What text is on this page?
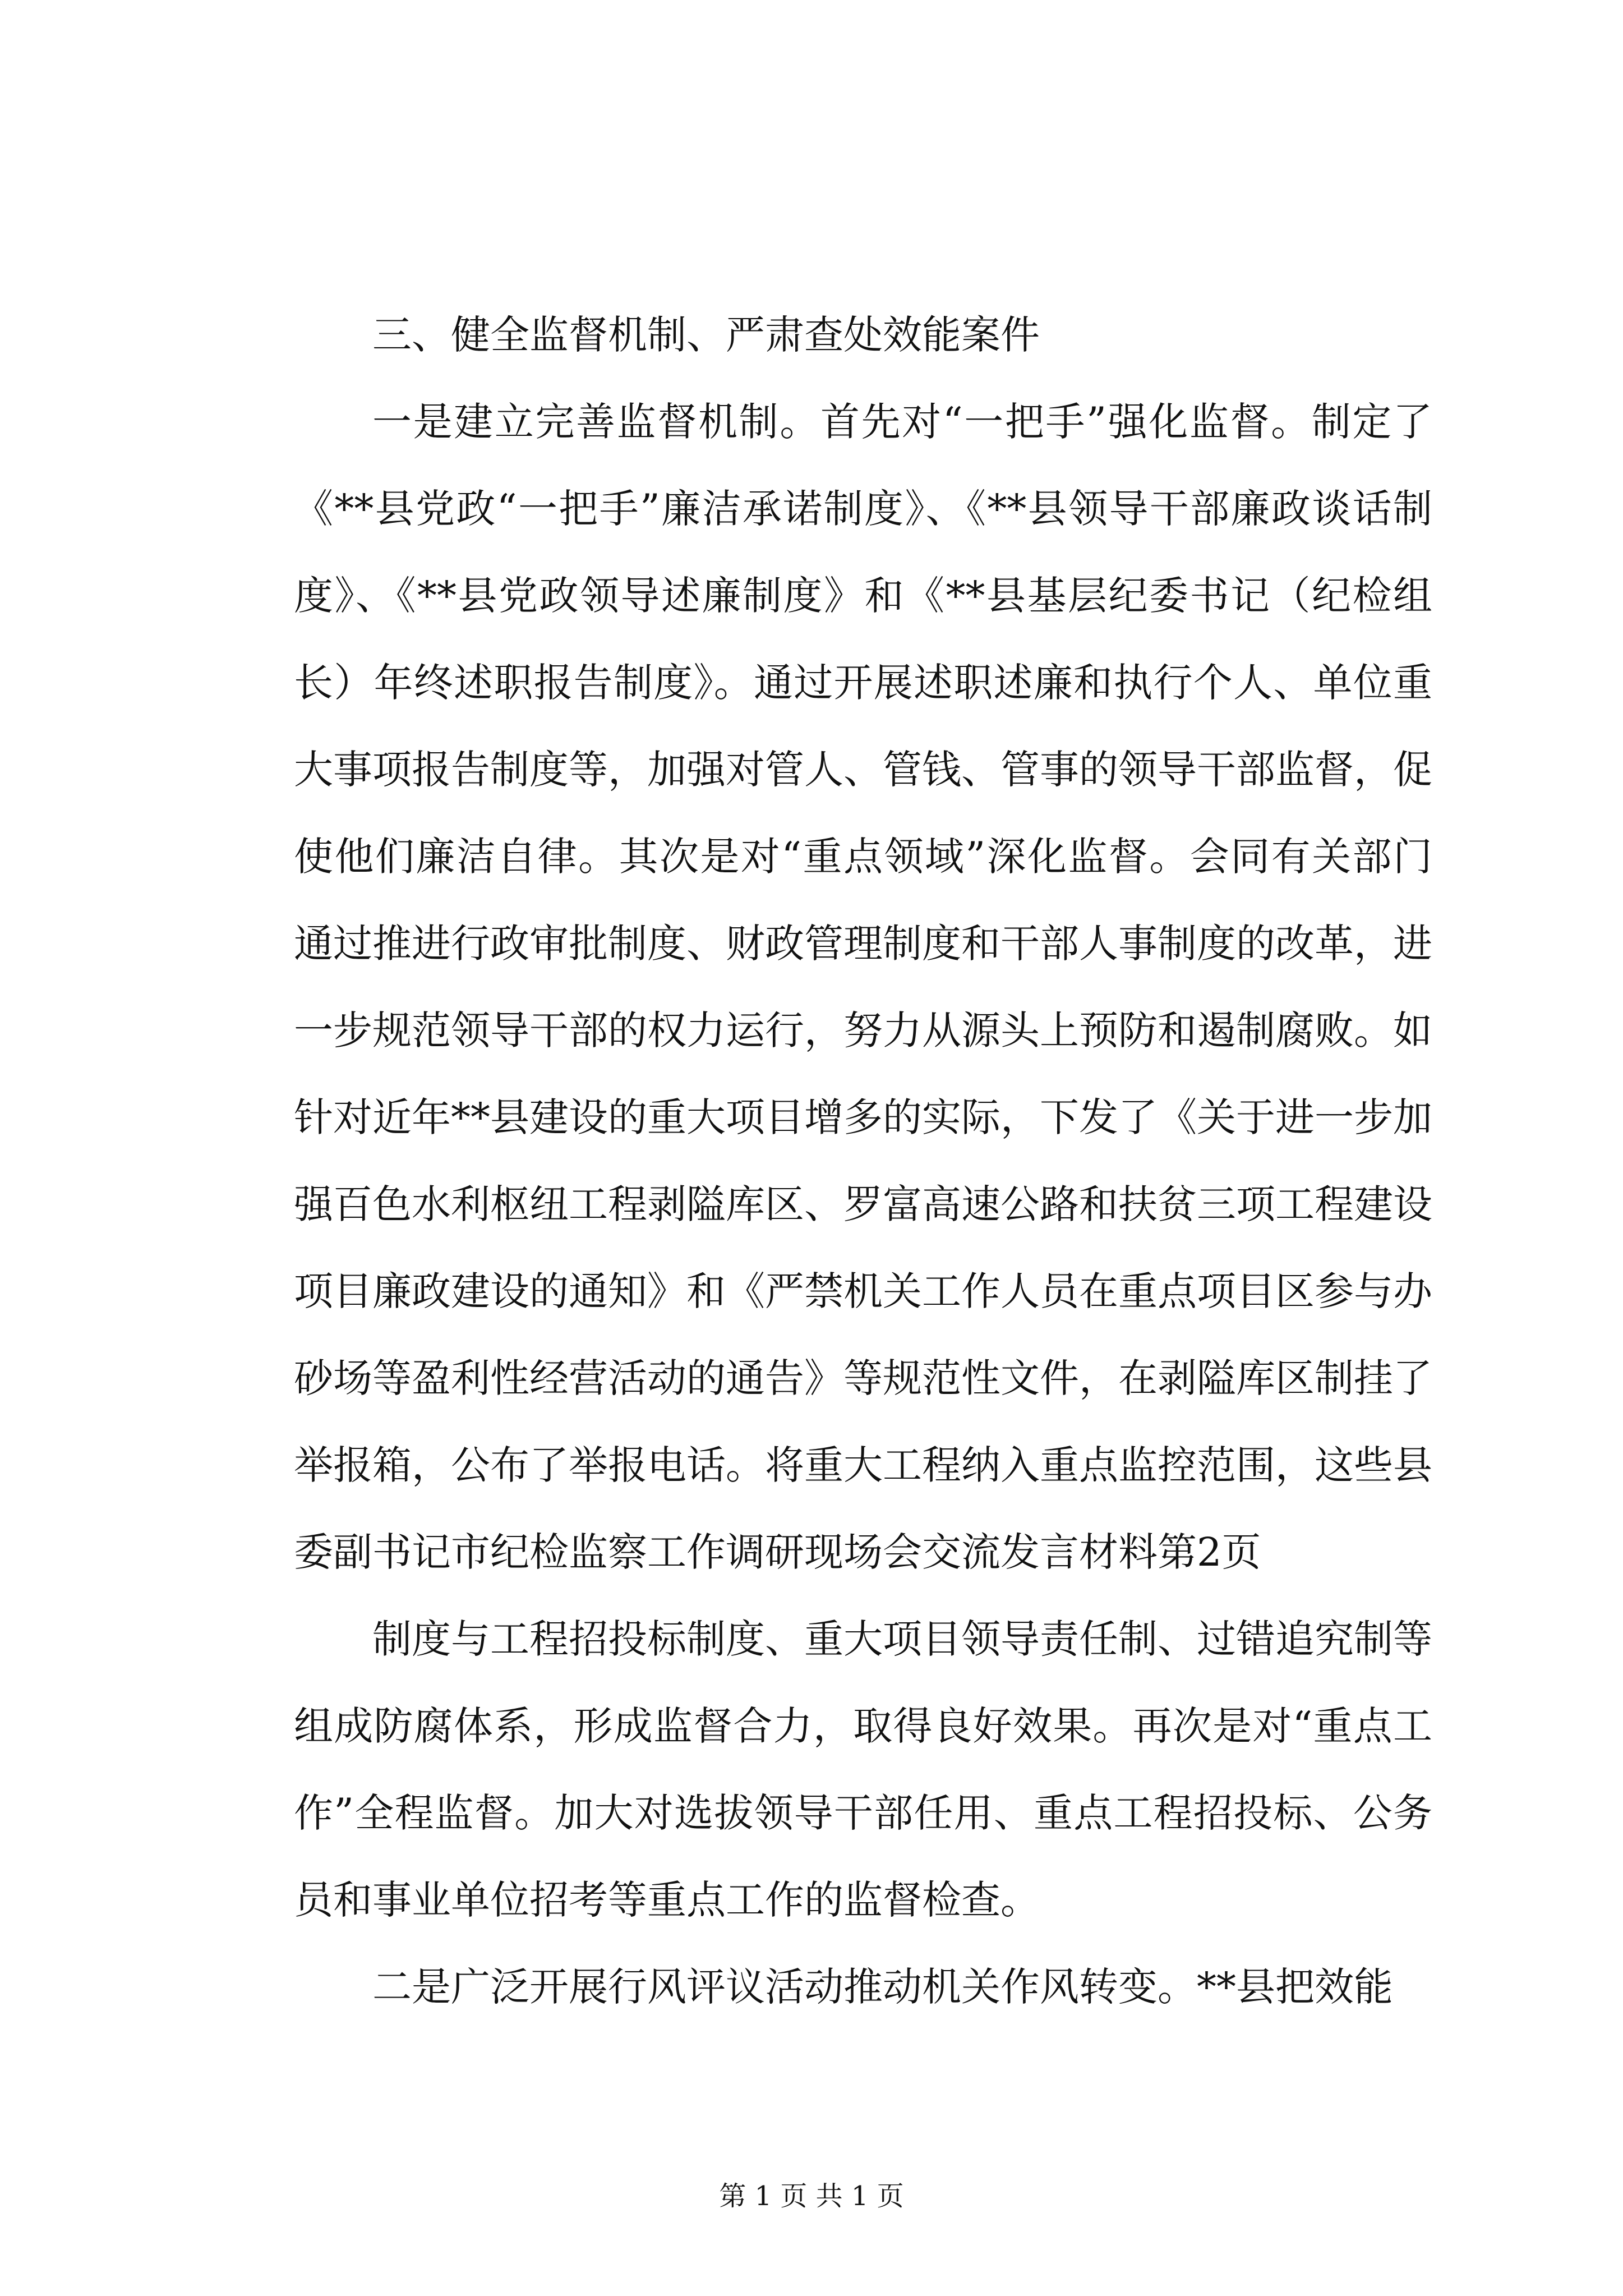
三、健全监督机制、严肃查处效能案件

一是建立完善监督机制。首先对“一把手”强化监督。制定了《**县党政“一把手”廉洁承诺制度》、《**县领导干部廉政谈话制度》、《**县党政领导述廉制度》和《**县基层纪委书记（纪检组长）年终述职报告制度》。通过开展述职述廉和执行个人、单位重大事项报告制度等，加强对管人、管钱、管事的领导干部监督，促使他们廉洁自律。其次是对“重点领域”深化监督。会同有关部门通过推进行政审批制度、财政管理制度和干部人事制度的改革，进一步规范领导干部的权力运行，努力从源头上预防和遏制腐败。如针对近年**县建设的重大项目增多的实际，下发了《关于进一步加强百色水利枢纽工程剥隘库区、罗富高速公路和扶贫三项工程建设项目廉政建设的通知》和《严禁机关工作人员在重点项目区参与办砂场等盈利性经营活动的通告》等规范性文件，在剥隘库区制挂了举报箱，公布了举报电话。将重大工程纳入重点监控范围，这些县委副书记市纪检监察工作调研现场会交流发言材料第2页

制度与工程招投标制度、重大项目领导责任制、过错追究制等组成防腐体系，形成监督合力，取得良好效果。再次是对“重点工作”全程监督。加大对选拔领导干部任用、重点工程招投标、公务员和事业单位招考等重点工作的监督检查。

二是广泛开展行风评议活动推动机关作风转变。**县把效能

第 1 页 共 1 页
